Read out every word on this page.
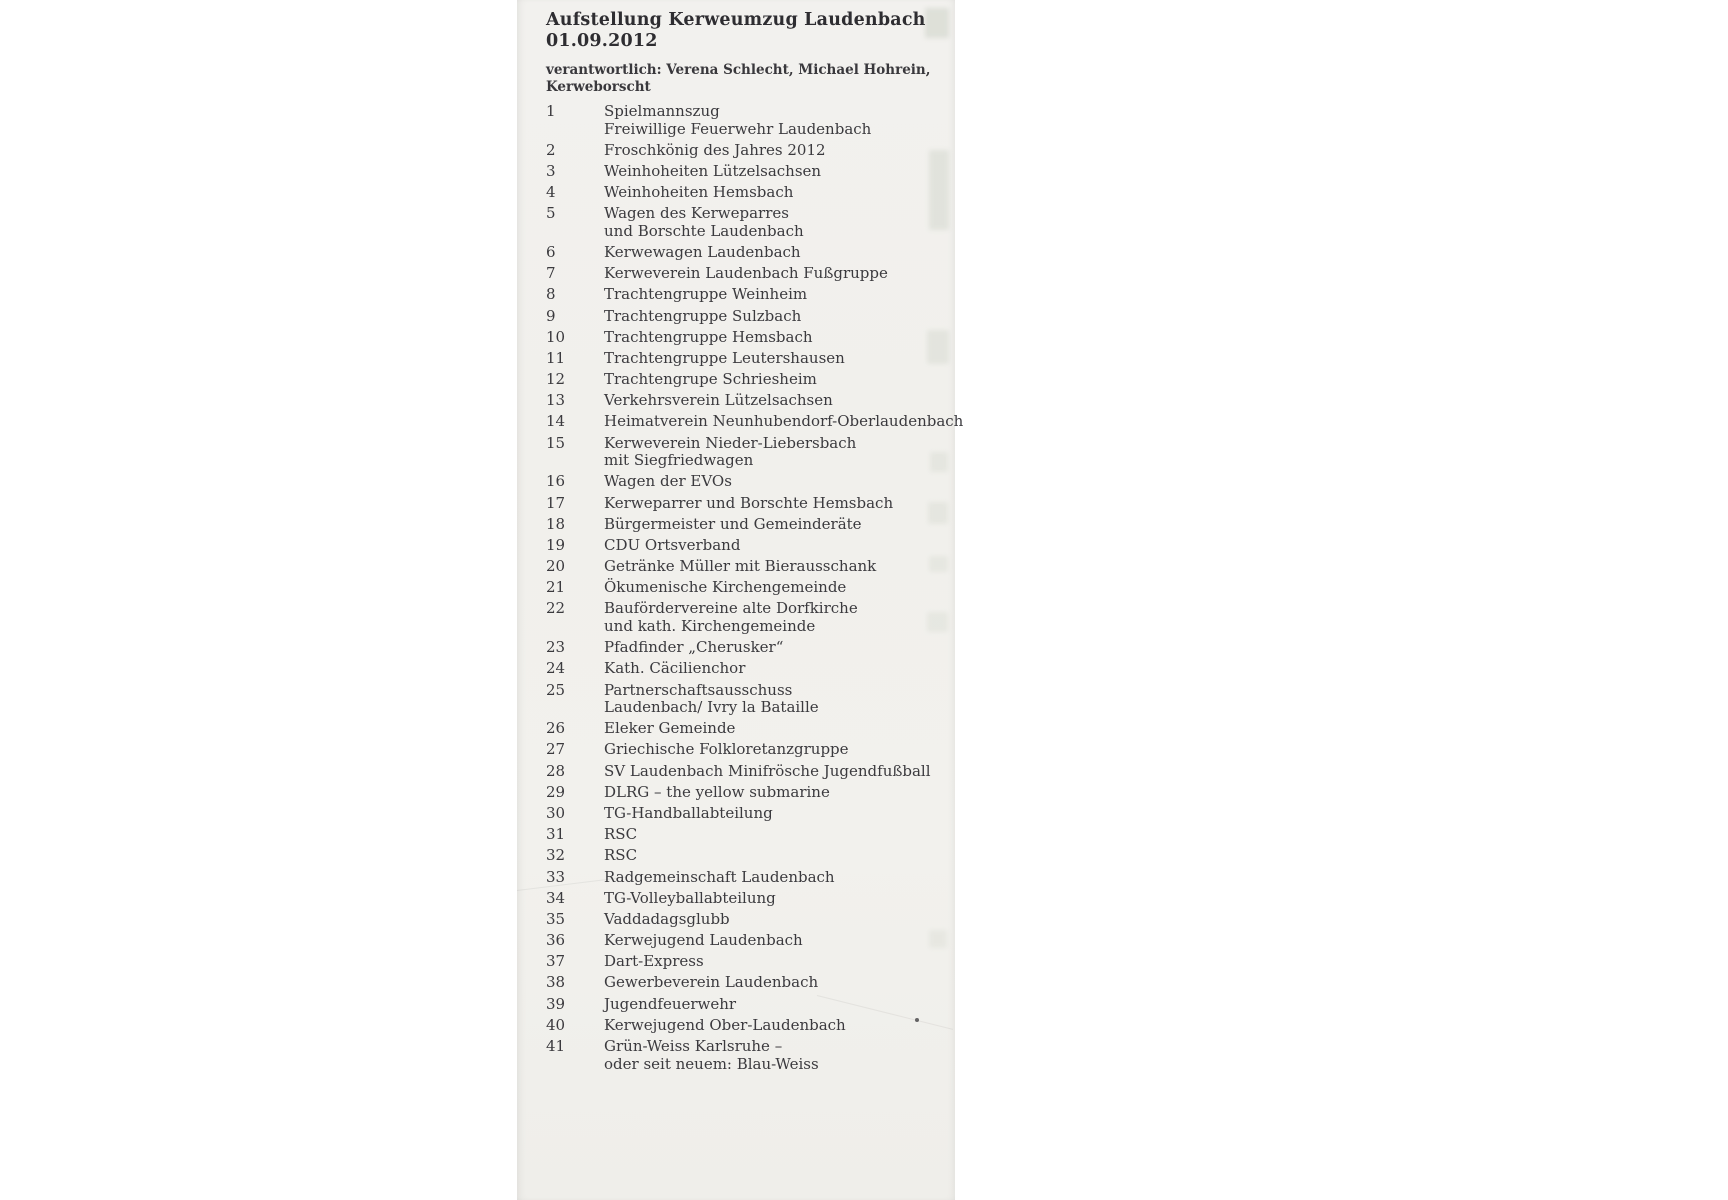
Aufstellung Kerweumzug Laudenbach
01.09.2012
verantwortlich: Verena Schlecht, Michael Hohrein,
Kerweborscht
1	Spielmannszug
Freiwillige Feuerwehr Laudenbach
2	Froschkönig des Jahres 2012
3	Weinhoheiten Lützelsachsen
4	Weinhoheiten Hemsbach
5	Wagen des Kerweparres
und Borschte Laudenbach
6	Kerwewagen Laudenbach
7	Kerweverein Laudenbach Fußgruppe
8	Trachtengruppe Weinheim
9	Trachtengruppe Sulzbach
10	Trachtengruppe Hemsbach
11	Trachtengruppe Leutershausen
12	Trachtengrupe Schriesheim
13	Verkehrsverein Lützelsachsen
14	Heimatverein Neunhubendorf-Oberlaudenbach
15	Kerweverein Nieder-Liebersbach
mit Siegfriedwagen
16	Wagen der EVOs
17	Kerweparrer und Borschte Hemsbach
18	Bürgermeister und Gemeinderäte
19	CDU Ortsverband
20	Getränke Müller mit Bierausschank
21	Ökumenische Kirchengemeinde
22	Baufördervereine alte Dorfkirche
und kath. Kirchengemeinde
23	Pfadfinder „Cherusker“
24	Kath. Cäcilienchor
25	Partnerschaftsausschuss
Laudenbach/ Ivry la Bataille
26	Eleker Gemeinde
27	Griechische Folkloretanzgruppe
28	SV Laudenbach Minifrösche Jugendfußball
29	DLRG – the yellow submarine
30	TG-Handballabteilung
31	RSC
32	RSC
33	Radgemeinschaft Laudenbach
34	TG-Volleyballabteilung
35	Vaddadagsglubb
36	Kerwejugend Laudenbach
37	Dart-Express
38	Gewerbeverein Laudenbach
39	Jugendfeuerwehr
40	Kerwejugend Ober-Laudenbach
41	Grün-Weiss Karlsruhe –
oder seit neuem: Blau-Weiss
